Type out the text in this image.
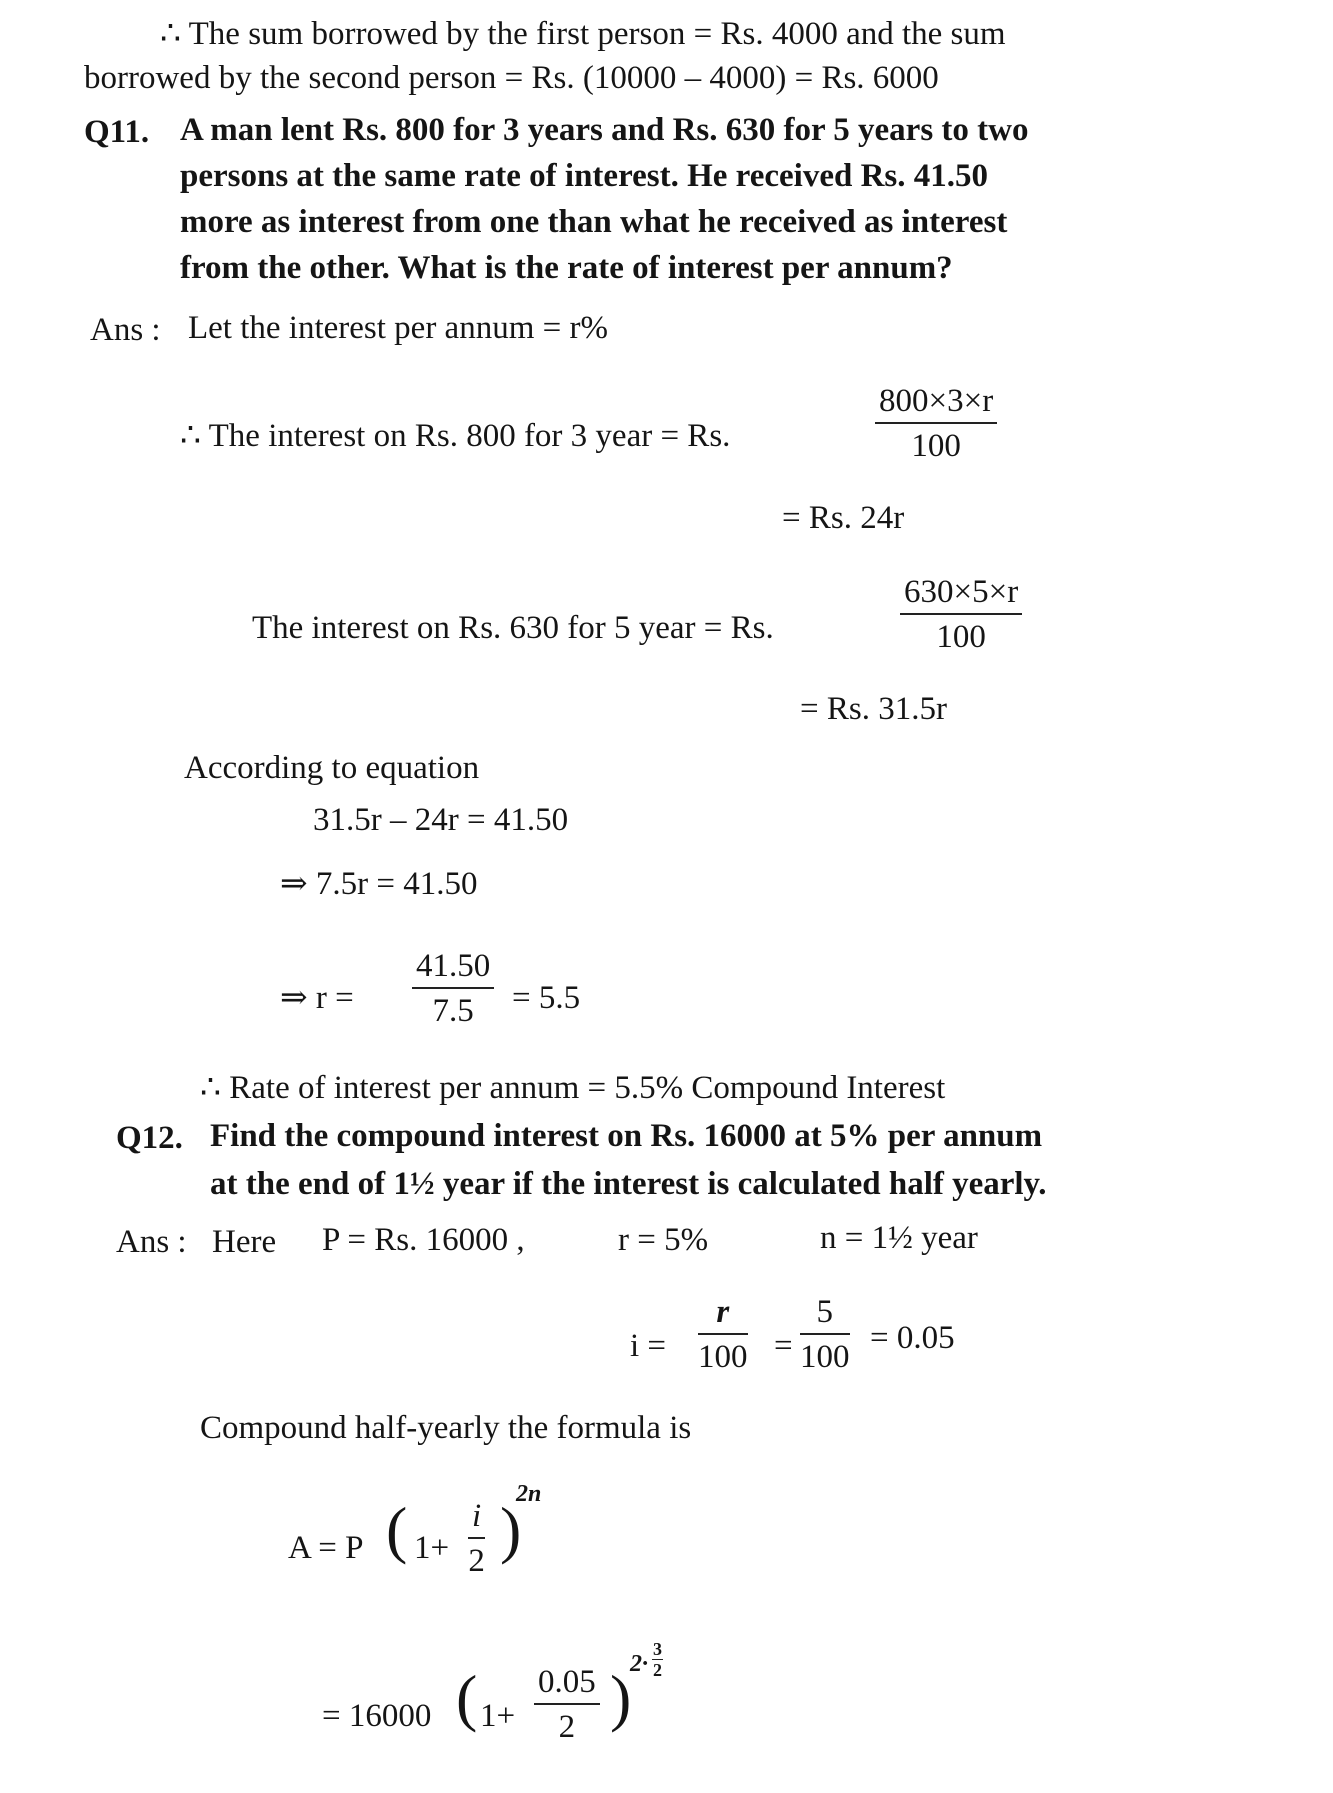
∴ The sum borrowed by the first person = Rs. 4000 and the sum
borrowed by the second person = Rs. (10000 – 4000) = Rs. 6000
Q11. A man lent Rs. 800 for 3 years and Rs. 630 for 5 years to two
persons at the same rate of interest. He received Rs. 41.50
more as interest from one than what he received as interest
from the other. What is the rate of interest per annum?
Ans : Let the interest per annum = r%
∴ The interest on Rs. 800 for 3 year = Rs.
800×3×r
100
= Rs. 24r
The interest on Rs. 630 for 5 year = Rs.
630×5×r
100
= Rs. 31.5r
According to equation
31.5r – 24r = 41.50
⇒ 7.5r = 41.50
⇒ r =
41.50
7.5 = 5.5
∴ Rate of interest per annum = 5.5% Compound Interest
Q12. Find the compound interest on Rs. 16000 at 5% per annum
at the end of 1½ year if the interest is calculated half yearly.
Ans : Here P = Rs. 16000 ,	r = 5%	n = 1½ year
i =
r
100 =
5
100
= 0.05
Compound half-yearly the formula is
A = P ( 1+
i
2 )
2n
= 16000 ( 1+
0.05
2 )
2·
3
2
